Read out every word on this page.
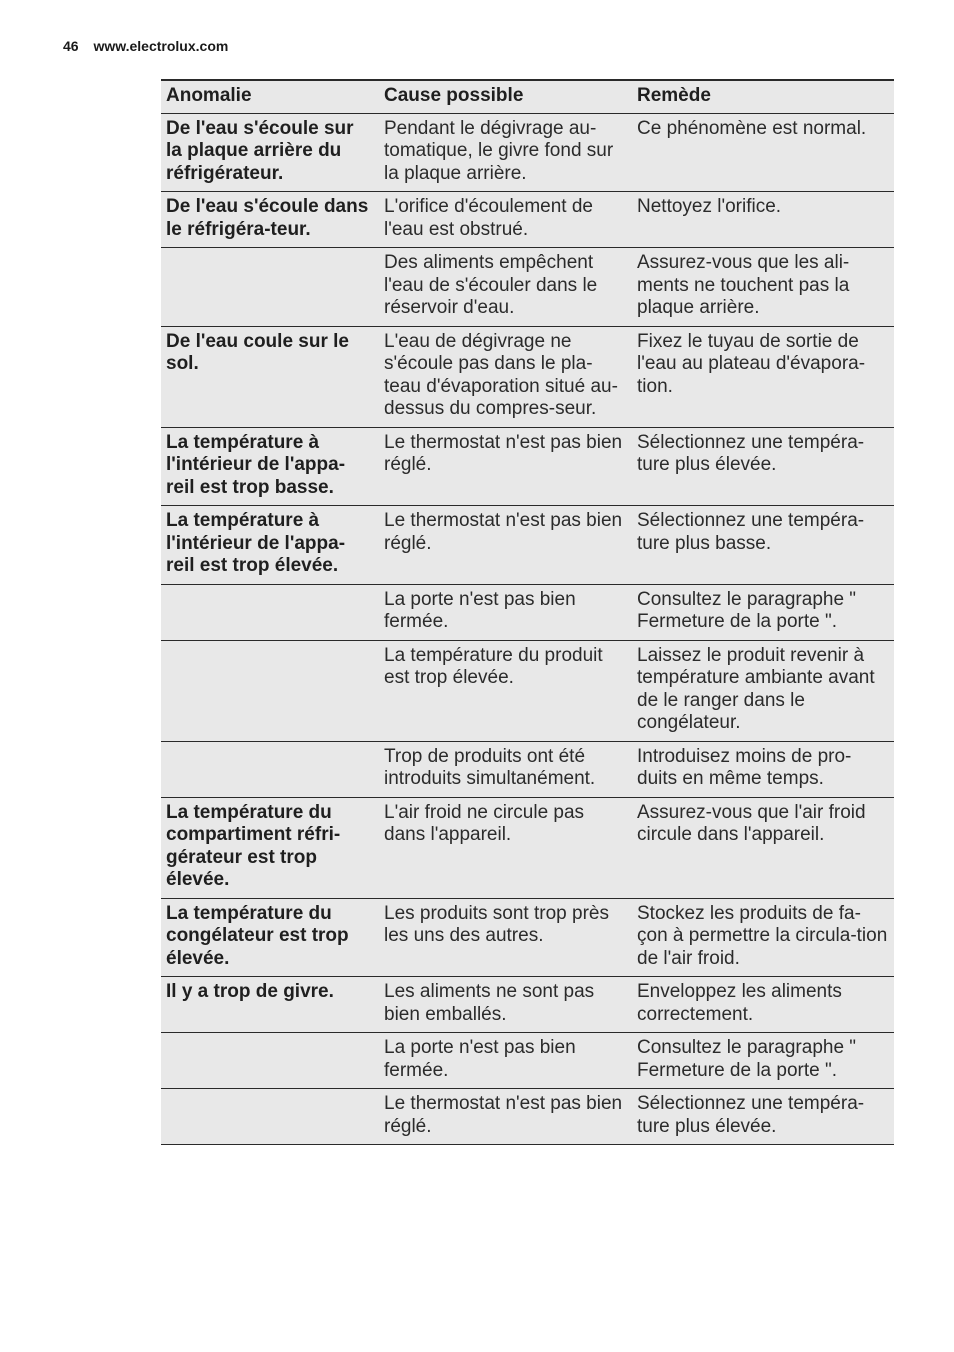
46 www.electrolux.com
Anomalie	Cause possible	Remède
De l'eau s'écoule sur la plaque arrière du réfrigérateur.	Pendant le dégivrage au-tomatique, le givre fond sur la plaque arrière.	Ce phénomène est normal.
De l'eau s'écoule dans le réfrigéra-teur.	L'orifice d'écoulement de l'eau est obstrué.	Nettoyez l'orifice.
	Des aliments empêchent l'eau de s'écouler dans le réservoir d'eau.	Assurez-vous que les ali-ments ne touchent pas la plaque arrière.
De l'eau coule sur le sol.	L'eau de dégivrage ne s'écoule pas dans le pla-teau d'évaporation situé au-dessus du compres-seur.	Fixez le tuyau de sortie de l'eau au plateau d'évapora-tion.
La température à l'intérieur de l'appa-reil est trop basse.	Le thermostat n'est pas bien réglé.	Sélectionnez une tempéra-ture plus élevée.
La température à l'intérieur de l'appa-reil est trop élevée.	Le thermostat n'est pas bien réglé.	Sélectionnez une tempéra-ture plus basse.
	La porte n'est pas bien fermée.	Consultez le paragraphe " Fermeture de la porte ".
	La température du produit est trop élevée.	Laissez le produit revenir à température ambiante avant de le ranger dans le congélateur.
	Trop de produits ont été introduits simultanément.	Introduisez moins de pro-duits en même temps.
La température du compartiment réfri-gérateur est trop élevée.	L'air froid ne circule pas dans l'appareil.	Assurez-vous que l'air froid circule dans l'appareil.
La température du congélateur est trop élevée.	Les produits sont trop près les uns des autres.	Stockez les produits de fa-çon à permettre la circula-tion de l'air froid.
Il y a trop de givre.	Les aliments ne sont pas bien emballés.	Enveloppez les aliments correctement.
	La porte n'est pas bien fermée.	Consultez le paragraphe " Fermeture de la porte ".
	Le thermostat n'est pas bien réglé.	Sélectionnez une tempéra-ture plus élevée.
